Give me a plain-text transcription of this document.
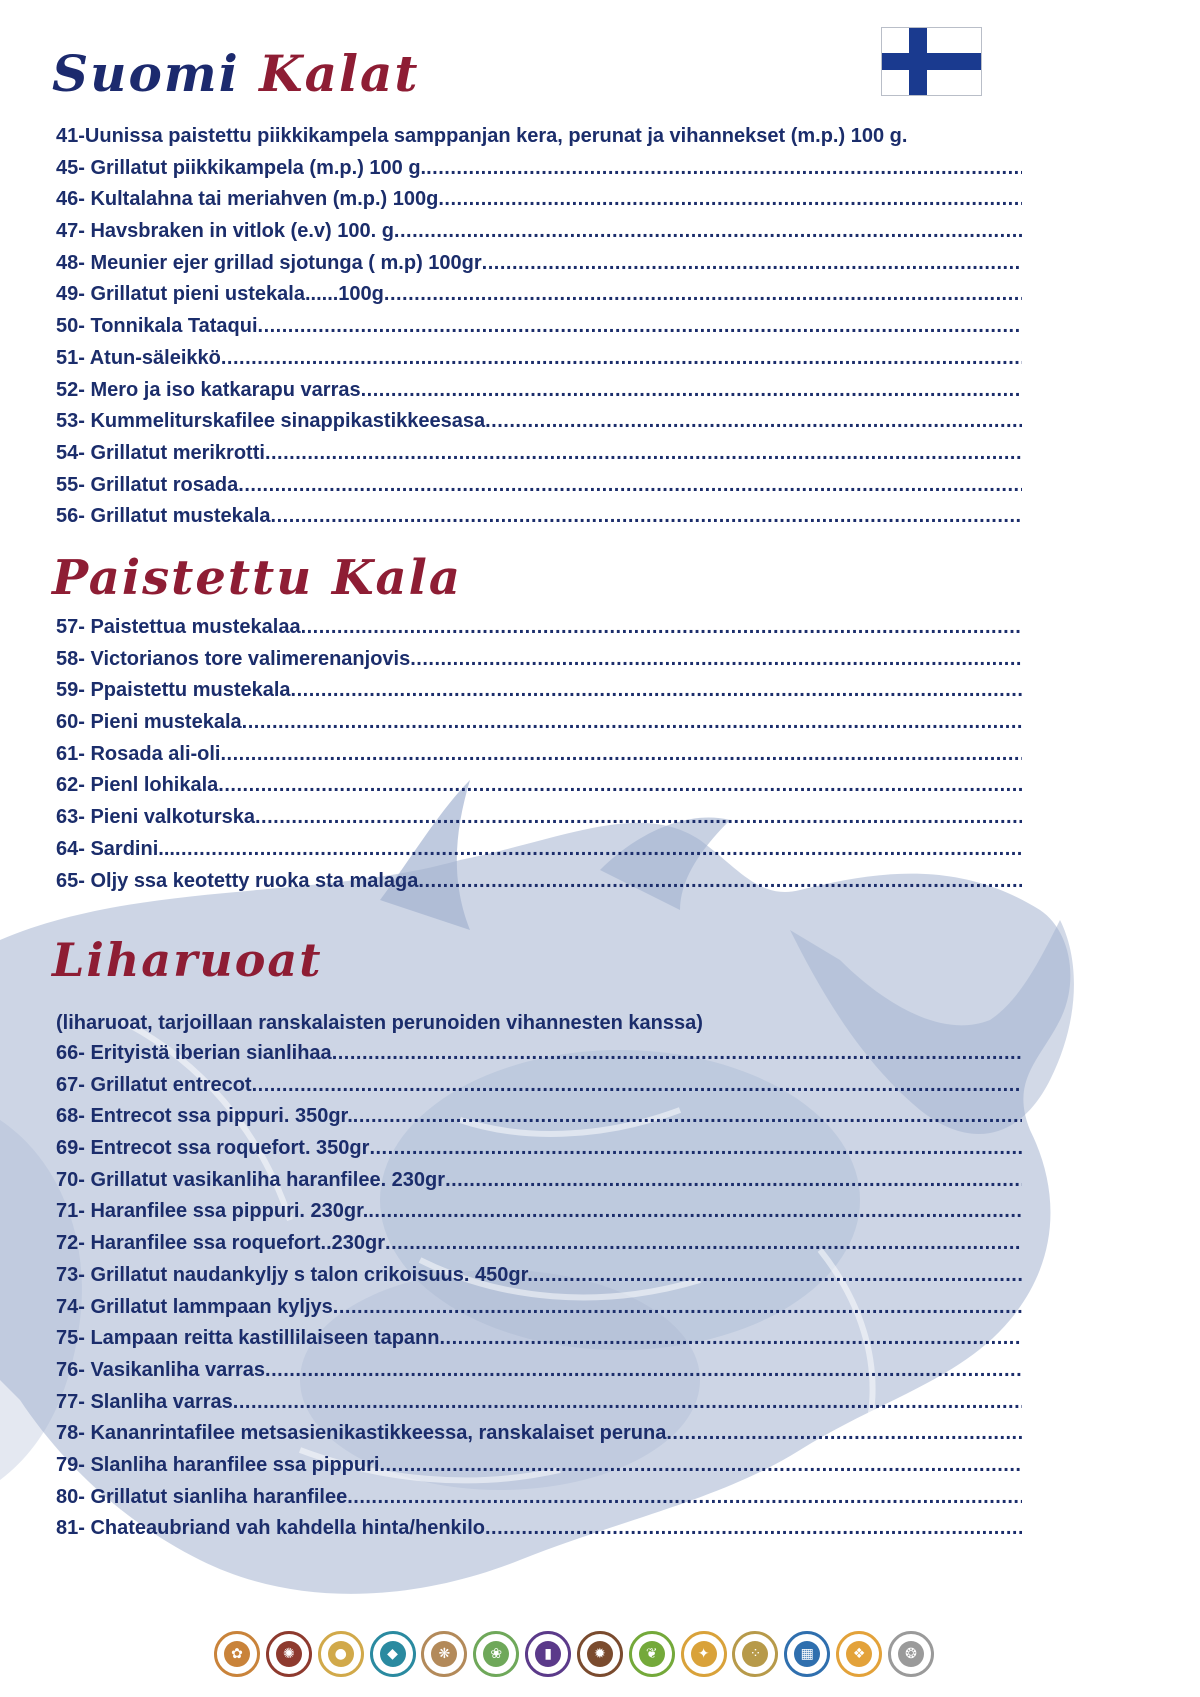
Suomi Kalat
41-Uunissa paistettu piikkikampela samppanjan kera, perunat ja vihannekset (m.p.) 100 g.
45- Grillatut piikkikampela (m.p.) 100 g.
.....
46- Kultalahna tai meriahven (m.p.) 100g
.....
47- Havsbraken in vitlok (e.v) 100. g
.....
48- Meunier ejer grillad sjotunga ( m.p) 100gr
.....
49- Grillatut pieni ustekala......100g
.....
50- Tonnikala Tataqui
.....
51- Atun-säleikkö
.....
52- Mero ja iso katkarapu varras
.....
53- Kummeliturskafilee sinappikastikkeesasa
.....
54- Grillatut merikrotti
.....
55- Grillatut rosada
.....
56- Grillatut mustekala
.....
Paistettu Kala
57- Paistettua mustekalaa
.....
58- Victorianos tore valimerenanjovis
.....
59- Ppaistettu mustekala
.....
60- Pieni mustekala
.....
61- Rosada ali-oli
.....
62- Pienl lohikala
.....
63- Pieni valkoturska
.....
64- Sardini...
.....
65- Oljy ssa keotetty ruoka sta malaga
.....
Liharuoat
(liharuoat, tarjoillaan ranskalaisten perunoiden vihannesten kanssa)
66- Erityistä iberian sianlihaa
.....
67- Grillatut entrecot
.....
68- Entrecot ssa pippuri. 350gr.
.....
69- Entrecot ssa roquefort. 350gr
.....
70- Grillatut vasikanliha haranfilee. 230gr
.....
71- Haranfilee ssa pippuri. 230gr.
.....
72- Haranfilee ssa roquefort..230gr
.....
73- Grillatut naudankyljy s talon crikoisuus. 450gr.
.....
74- Grillatut lammpaan kyljys
.....
75- Lampaan reitta kastillilaiseen tapann
.....
76- Vasikanliha varras
.....
77- Slanliha varras
.....
78- Kananrintafilee metsasienikastikkeessa, ranskalaiset peruna
.....
79- Slanliha haranfilee ssa pippuri
.....
80- Grillatut sianliha haranfilee
.....
81- Chateaubriand vah kahdella hinta/henkilo
.....
✿	✺	●	◆	❋	❀	▮	✹	❦	✦	⁘	▦	❖	❂
